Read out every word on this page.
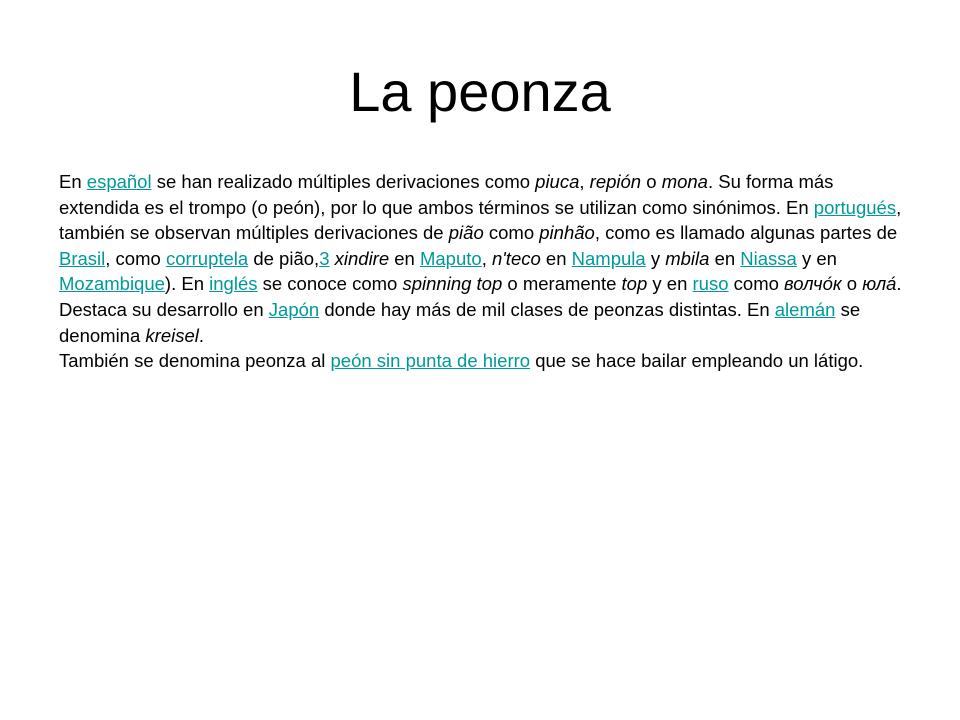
La peonza

En español se han realizado múltiples derivaciones como piuca, repión o mona. Su forma más extendida es el trompo (o peón), por lo que ambos términos se utilizan como sinónimos. En portugués, también se observan múltiples derivaciones de pião como pinhão, como es llamado algunas partes de Brasil, como corruptela de pião,3 xindire en Maputo, n'teco en Nampula y mbila en Niassa y en Mozambique). En inglés se conoce como spinning top o meramente top y en ruso como волчо́к o юла́. Destaca su desarrollo en Japón donde hay más de mil clases de peonzas distintas. En alemán se denomina kreisel.

También se denomina peonza al peón sin punta de hierro que se hace bailar empleando un látigo.
